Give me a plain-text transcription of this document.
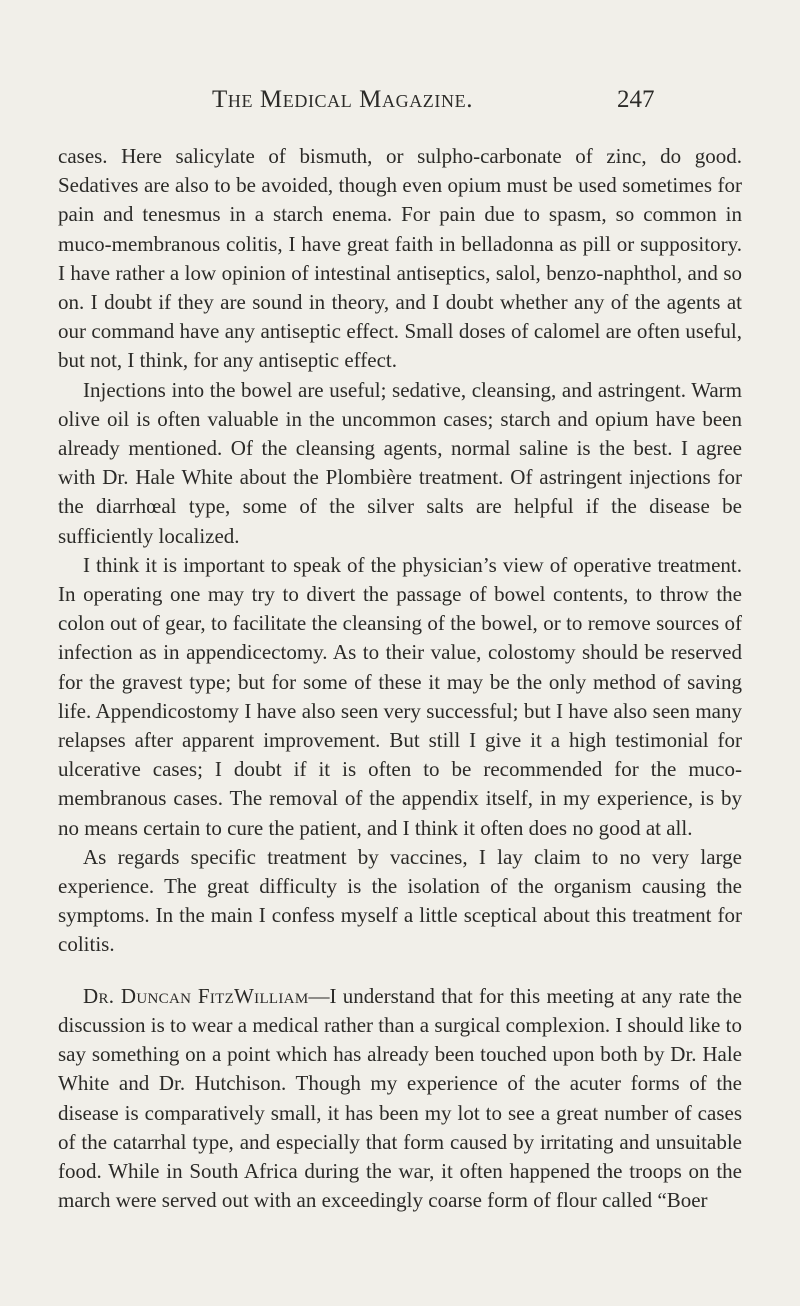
The Medical Magazine.	247

cases. Here salicylate of bismuth, or sulpho-carbonate of zinc, do good. Sedatives are also to be avoided, though even opium must be used sometimes for pain and tenesmus in a starch enema. For pain due to spasm, so common in muco-membranous colitis, I have great faith in belladonna as pill or suppository. I have rather a low opinion of intestinal antiseptics, salol, benzo-naphthol, and so on. I doubt if they are sound in theory, and I doubt whether any of the agents at our command have any antiseptic effect. Small doses of calomel are often useful, but not, I think, for any antiseptic effect.

Injections into the bowel are useful; sedative, cleansing, and astringent. Warm olive oil is often valuable in the uncommon cases; starch and opium have been already mentioned. Of the cleansing agents, normal saline is the best. I agree with Dr. Hale White about the Plombière treatment. Of astringent injections for the diarrhœal type, some of the silver salts are helpful if the disease be sufficiently localized.

I think it is important to speak of the physician’s view of operative treatment. In operating one may try to divert the passage of bowel contents, to throw the colon out of gear, to facilitate the cleansing of the bowel, or to remove sources of infection as in appendicectomy. As to their value, colostomy should be reserved for the gravest type; but for some of these it may be the only method of saving life. Appendicostomy I have also seen very successful; but I have also seen many relapses after apparent improvement. But still I give it a high testimonial for ulcerative cases; I doubt if it is often to be recommended for the muco-membranous cases. The removal of the appendix itself, in my experience, is by no means certain to cure the patient, and I think it often does no good at all.

As regards specific treatment by vaccines, I lay claim to no very large experience. The great difficulty is the isolation of the organism causing the symptoms. In the main I confess myself a little sceptical about this treatment for colitis.

Dr. Duncan FitzWilliam—I understand that for this meeting at any rate the discussion is to wear a medical rather than a surgical complexion. I should like to say something on a point which has already been touched upon both by Dr. Hale White and Dr. Hutchison. Though my experience of the acuter forms of the disease is comparatively small, it has been my lot to see a great number of cases of the catarrhal type, and especially that form caused by irritating and unsuitable food. While in South Africa during the war, it often happened the troops on the march were served out with an exceedingly coarse form of flour called “Boer
